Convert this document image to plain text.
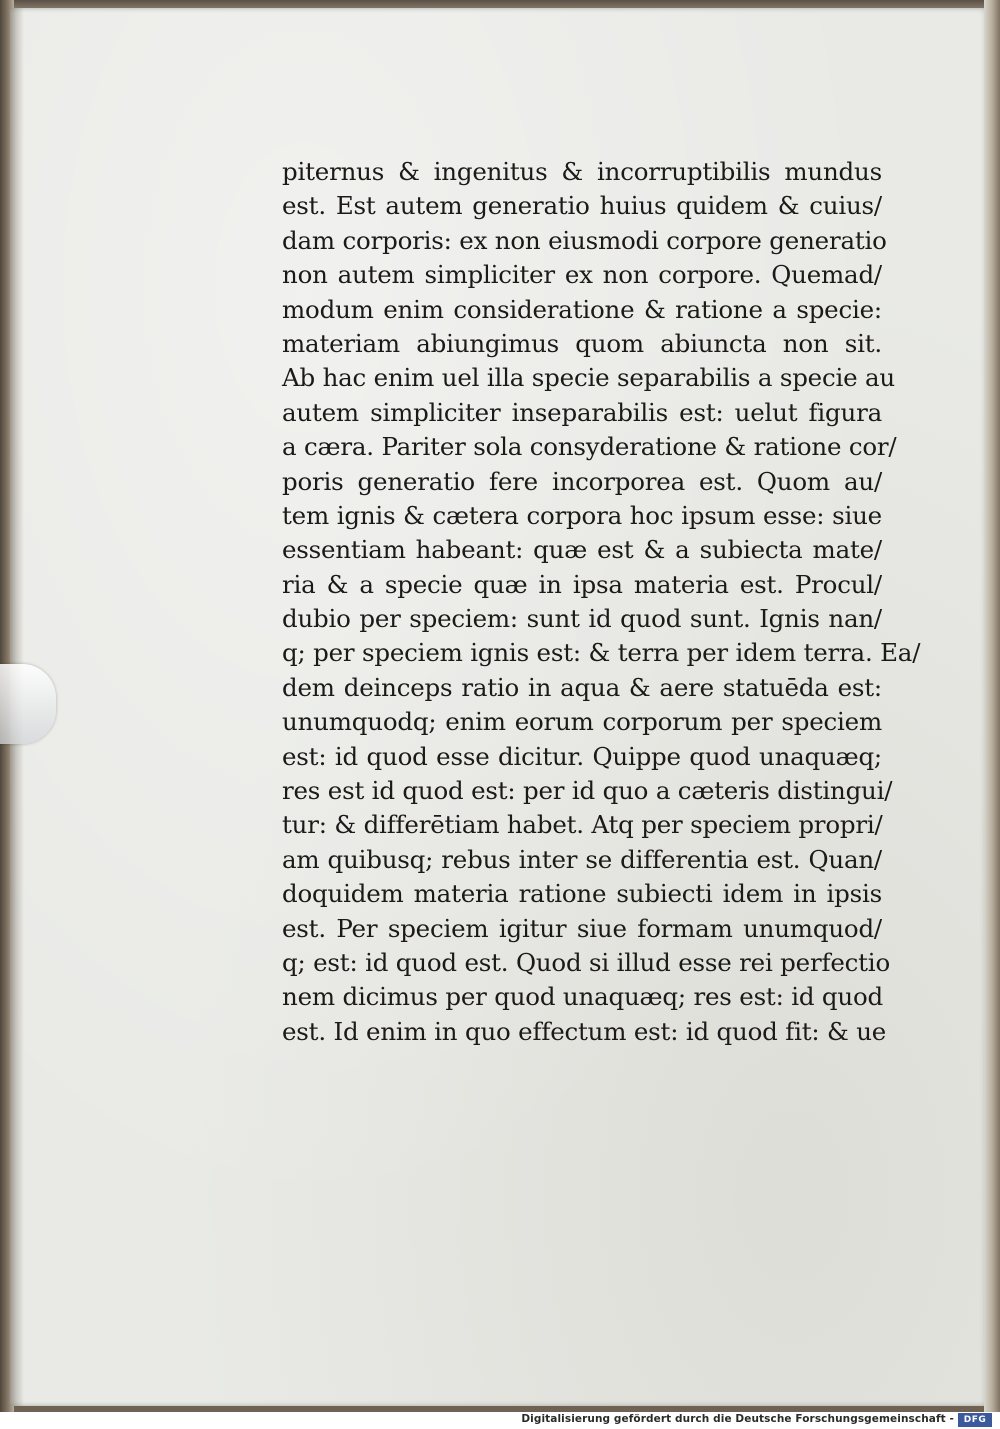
piternus & ingenitus & incorruptibilis mundus
est. Est autem generatio huius quidem & cuius/
dam corporis: ex non eiusmodi corpore generatio
non autem simpliciter ex non corpore. Quemad/
modum enim consideratione & ratione a specie:
materiam abiungimus quom abiuncta non sit.
Ab hac enim uel illa specie separabilis a specie au
autem simpliciter inseparabilis est: uelut figura
a cæra. Pariter sola consyderatione & ratione cor/
poris generatio fere incorporea est. Quom au/
tem ignis & cætera corpora hoc ipsum esse: siue
essentiam habeant: quæ est & a subiecta mate/
ria & a specie quæ in ipsa materia est. Procul/
dubio per speciem: sunt id quod sunt. Ignis nan/
q; per speciem ignis est: & terra per idem terra. Ea/
dem deinceps ratio in aqua & aere statuēda est:
unumquodq; enim eorum corporum per speciem
est: id quod esse dicitur. Quippe quod unaquæq;
res est id quod est: per id quo a cæteris distingui/
tur: & differētiam habet. Atq per speciem propri/
am quibusq; rebus inter se differentia est. Quan/
doquidem materia ratione subiecti idem in ipsis
est. Per speciem igitur siue formam unumquod/
q; est: id quod est. Quod si illud esse rei perfectio
nem dicimus per quod unaquæq; res est: id quod
est. Id enim in quo effectum est: id quod fit: & ue
Digitalisierung gefördert durch die Deutsche Forschungsgemeinschaft -	DFG
